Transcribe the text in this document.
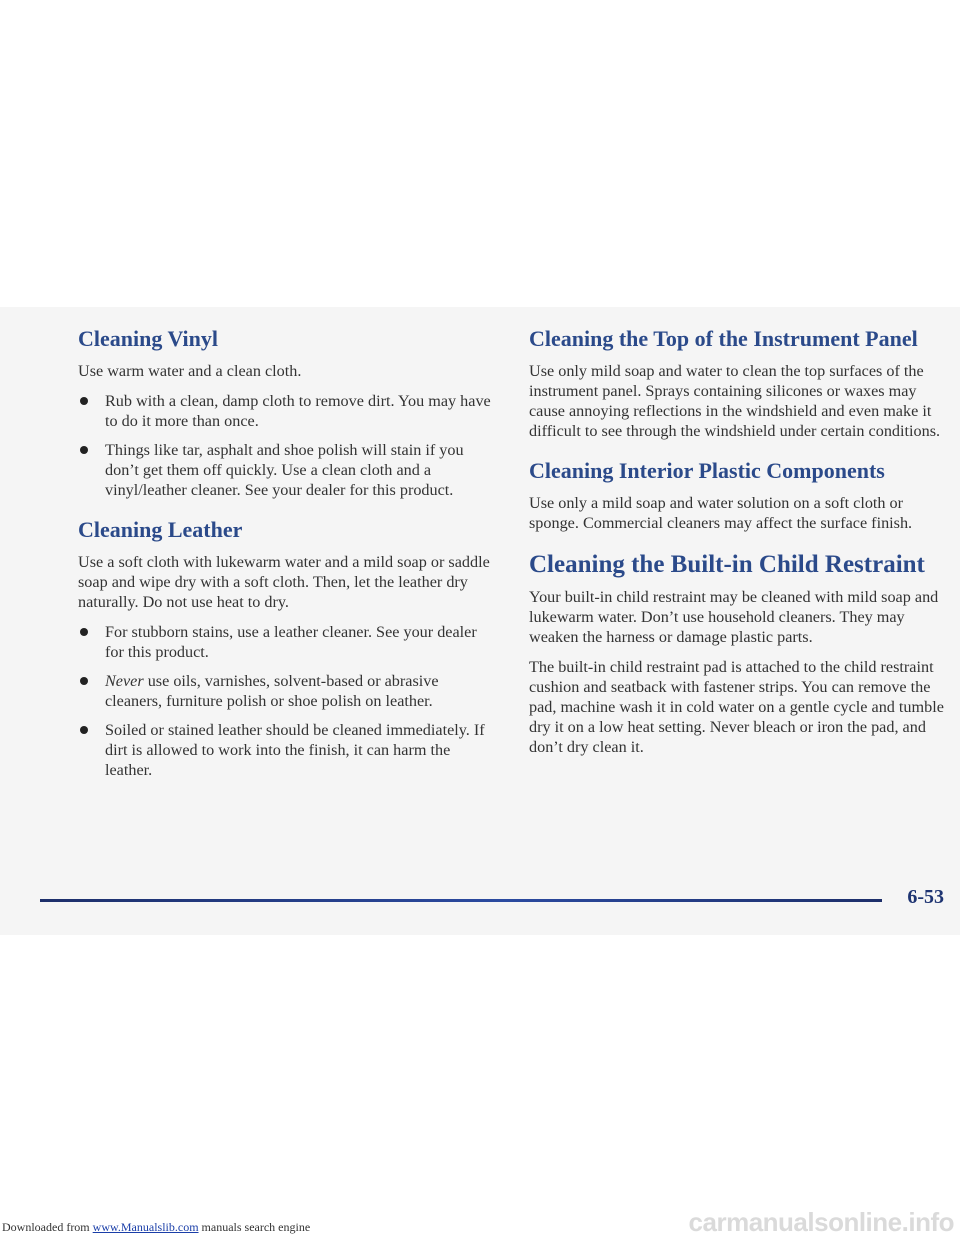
Cleaning Vinyl

Use warm water and a clean cloth.

Rub with a clean, damp cloth to remove dirt. You may have to do it more than once.
Things like tar, asphalt and shoe polish will stain if you don’t get them off quickly. Use a clean cloth and a vinyl/leather cleaner. See your dealer for this product.
Cleaning Leather

Use a soft cloth with lukewarm water and a mild soap or saddle soap and wipe dry with a soft cloth. Then, let the leather dry naturally. Do not use heat to dry.

For stubborn stains, use a leather cleaner. See your dealer for this product.
Never use oils, varnishes, solvent-based or abrasive cleaners, furniture polish or shoe polish on leather.
Soiled or stained leather should be cleaned immediately. If dirt is allowed to work into the finish, it can harm the leather.
Cleaning the Top of the Instrument Panel

Use only mild soap and water to clean the top surfaces of the instrument panel. Sprays containing silicones or waxes may cause annoying reflections in the windshield and even make it difficult to see through the windshield under certain conditions.

Cleaning Interior Plastic Components

Use only a mild soap and water solution on a soft cloth or sponge. Commercial cleaners may affect the surface finish.

Cleaning the Built-in Child Restraint

Your built-in child restraint may be cleaned with mild soap and lukewarm water. Don’t use household cleaners. They may weaken the harness or damage plastic parts.

The built-in child restraint pad is attached to the child restraint cushion and seatback with fastener strips. You can remove the pad, machine wash it in cold water on a gentle cycle and tumble dry it on a low heat setting. Never bleach or iron the pad, and don’t dry clean it.

6-53
Downloaded from www.Manualslib.com manuals search engine	carmanualsonline.info
